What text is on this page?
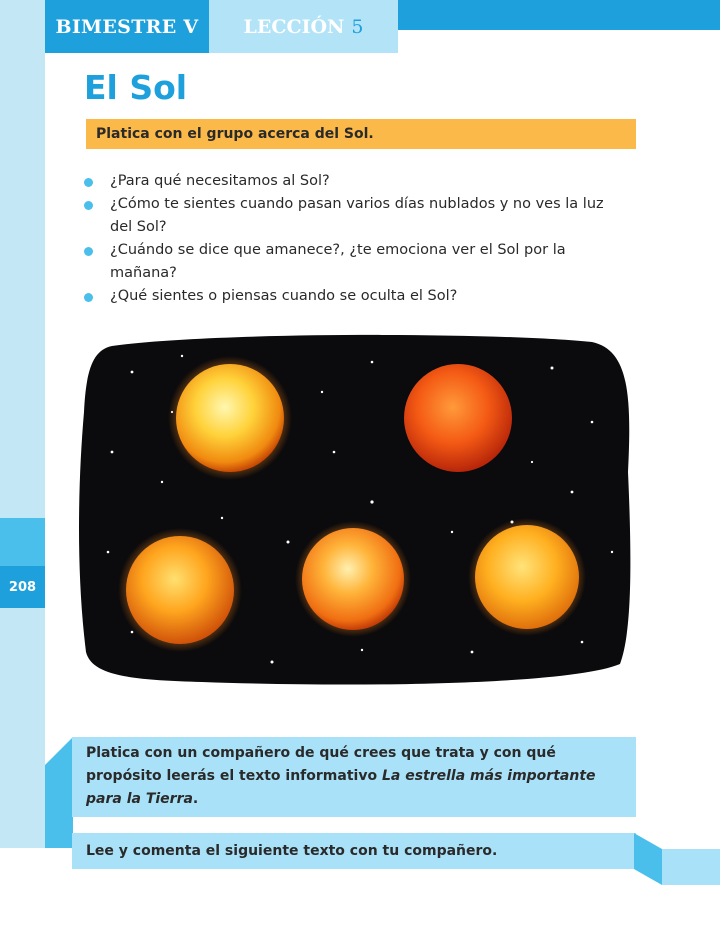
208
BIMESTRE V	LECCIÓN 5
El Sol
Platica con el grupo acerca del Sol.
¿Para qué necesitamos al Sol?
¿Cómo te sientes cuando pasan varios días nublados y no ves la luz del Sol?
¿Cuándo se dice que amanece?, ¿te emociona ver el Sol por la mañana?
¿Qué sientes o piensas cuando se oculta el Sol?
Platica con un compañero de qué crees que trata y con qué propósito leerás el texto informativo La estrella más importante para la Tierra.
Lee y comenta el siguiente texto con tu compañero.
